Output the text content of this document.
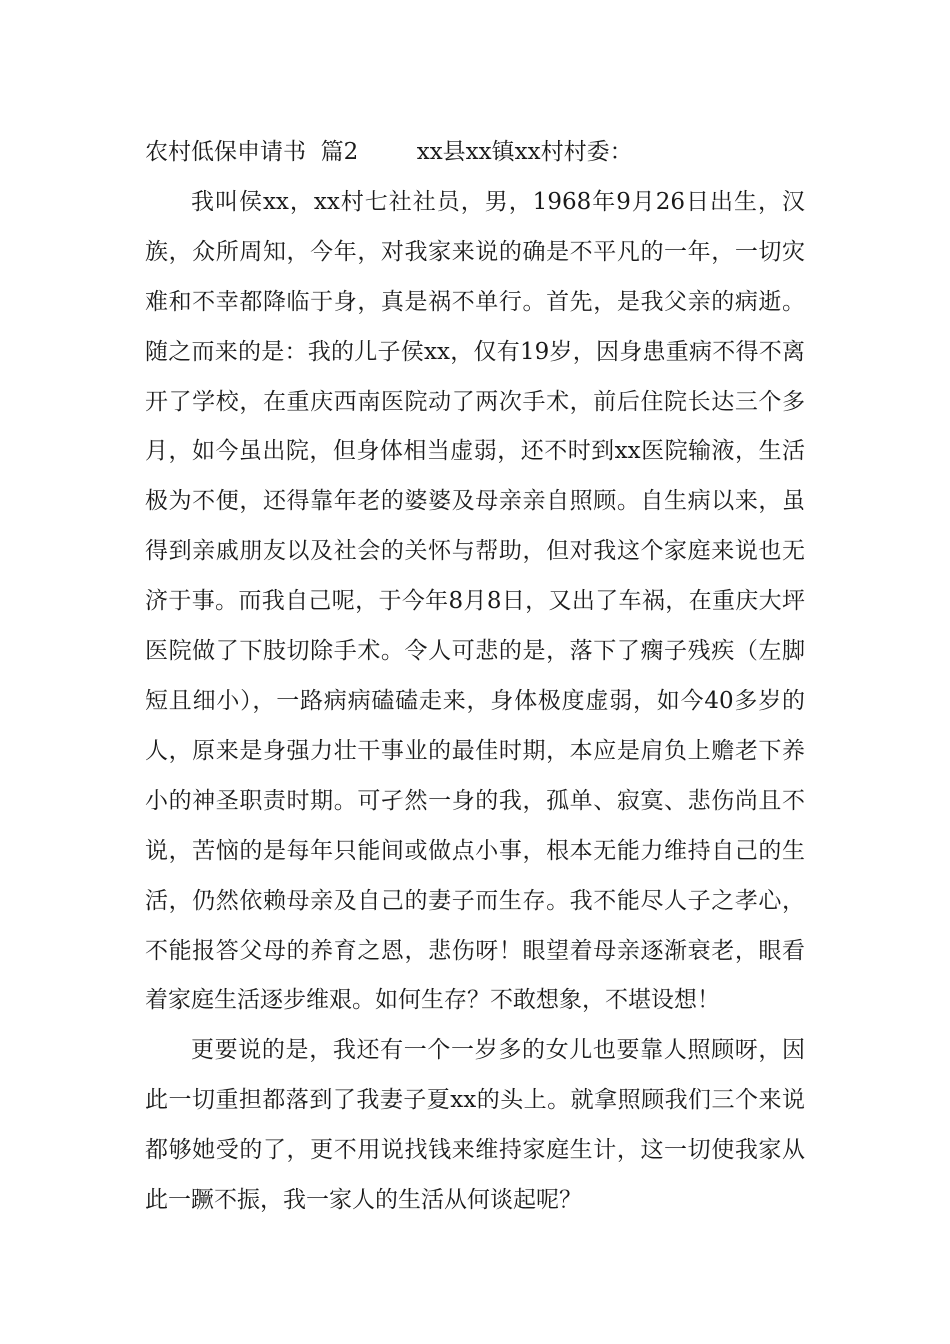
农村低保申请书  篇2        xx县xx镇xx村村委：

我叫侯xx，xx村七社社员，男，1968年9月26日出生，汉族，众所周知，今年，对我家来说的确是不平凡的一年，一切灾难和不幸都降临于身，真是祸不单行。首先，是我父亲的病逝。随之而来的是：我的儿子侯xx，仅有19岁，因身患重病不得不离开了学校，在重庆西南医院动了两次手术，前后住院长达三个多月，如今虽出院，但身体相当虚弱，还不时到xx医院输液，生活极为不便，还得靠年老的婆婆及母亲亲自照顾。自生病以来，虽得到亲戚朋友以及社会的关怀与帮助，但对我这个家庭来说也无济于事。而我自己呢，于今年8月8日，又出了车祸，在重庆大坪医院做了下肢切除手术。令人可悲的是，落下了瘸子残疾（左脚短且细小），一路病病磕磕走来，身体极度虚弱，如今40多岁的人，原来是身强力壮干事业的最佳时期，本应是肩负上赡老下养小的神圣职责时期。可孑然一身的我，孤单、寂寞、悲伤尚且不说，苦恼的是每年只能间或做点小事，根本无能力维持自己的生活，仍然依赖母亲及自己的妻子而生存。我不能尽人子之孝心，不能报答父母的养育之恩，悲伤呀！眼望着母亲逐渐衰老，眼看着家庭生活逐步维艰。如何生存？不敢想象，不堪设想！

更要说的是，我还有一个一岁多的女儿也要靠人照顾呀，因此一切重担都落到了我妻子夏xx的头上。就拿照顾我们三个来说都够她受的了，更不用说找钱来维持家庭生计，这一切使我家从此一蹶不振，我一家人的生活从何谈起呢？
